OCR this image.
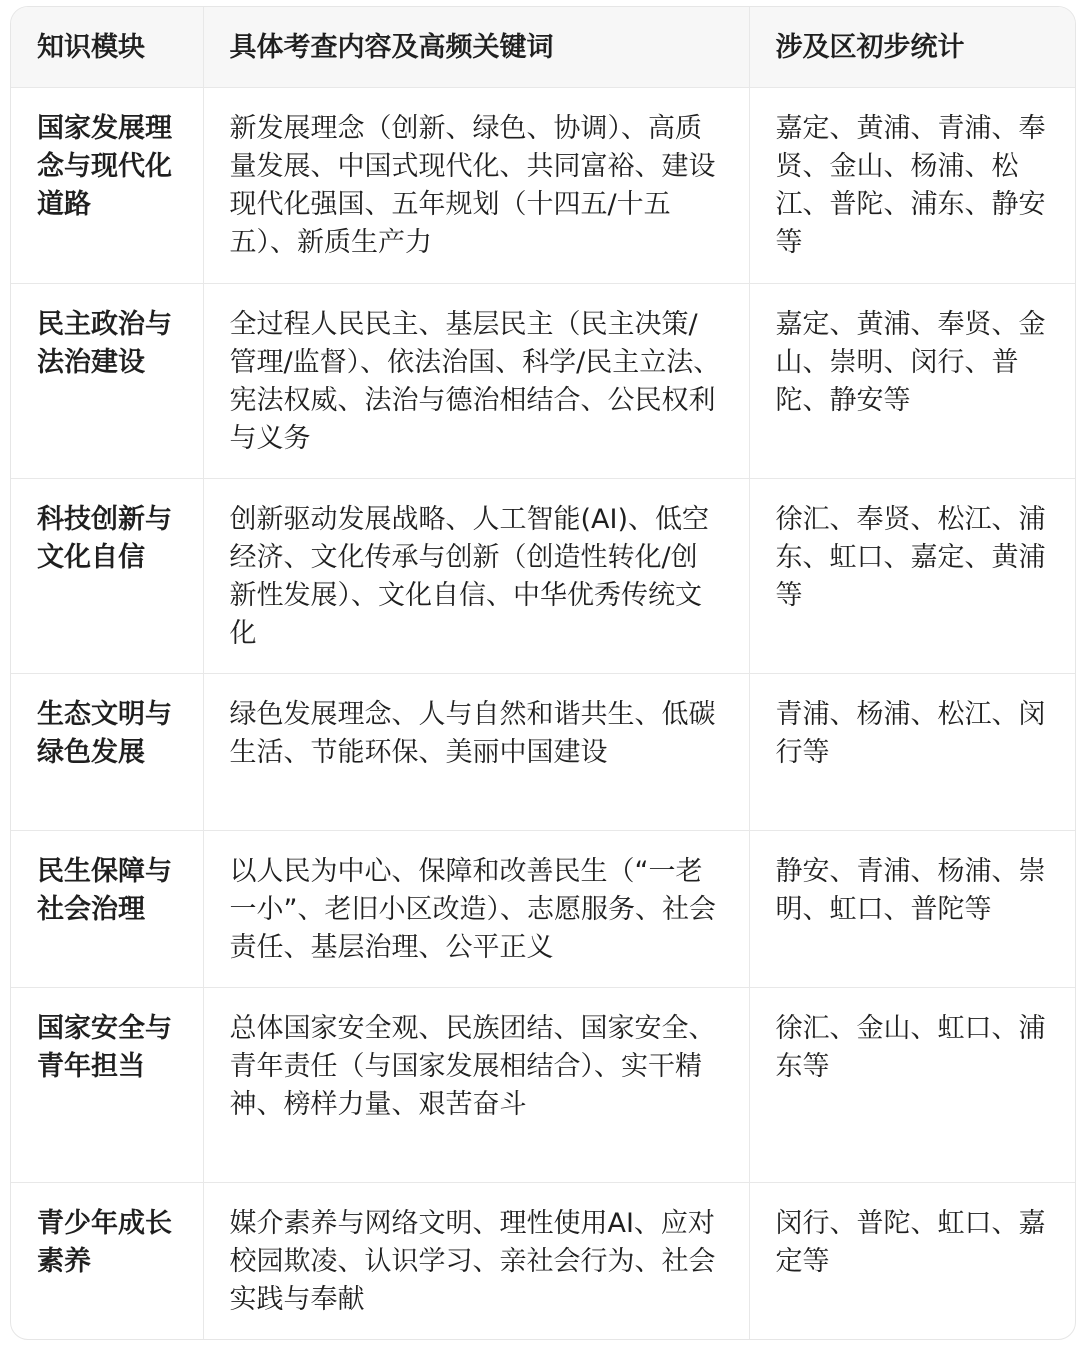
知识模块	具体考查内容及高频关键词	涉及区初步统计
国家发展理念与现代化道路	新发展理念（创新、绿色、协调）、高质量发展、中国式现代化、共同富裕、建设现代化强国、五年规划（十四五/十五五）、新质生产力	嘉定、黄浦、青浦、奉贤、金山、杨浦、松江、普陀、浦东、静安等
民主政治与法治建设	全过程人民民主、基层民主（民主决策/管理/监督）、依法治国、科学/民主立法、宪法权威、法治与德治相结合、公民权利与义务	嘉定、黄浦、奉贤、金山、崇明、闵行、普陀、静安等
科技创新与文化自信	创新驱动发展战略、人工智能(AI)、低空经济、文化传承与创新（创造性转化/创新性发展）、文化自信、中华优秀传统文化	徐汇、奉贤、松江、浦东、虹口、嘉定、黄浦等
生态文明与绿色发展	绿色发展理念、人与自然和谐共生、低碳生活、节能环保、美丽中国建设	青浦、杨浦、松江、闵行等
民生保障与社会治理	以人民为中心、保障和改善民生（“一老一小”、老旧小区改造）、志愿服务、社会责任、基层治理、公平正义	静安、青浦、杨浦、崇明、虹口、普陀等
国家安全与青年担当	总体国家安全观、民族团结、国家安全、青年责任（与国家发展相结合）、实干精神、榜样力量、艰苦奋斗	徐汇、金山、虹口、浦东等
青少年成长素养	媒介素养与网络文明、理性使用AI、应对校园欺凌、认识学习、亲社会行为、社会实践与奉献	闵行、普陀、虹口、嘉定等
